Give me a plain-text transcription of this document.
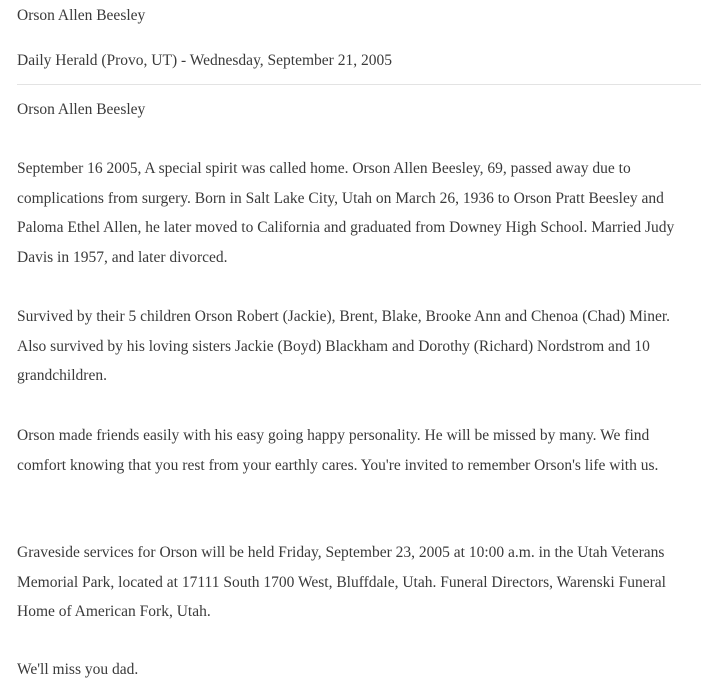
Orson Allen Beesley
Daily Herald (Provo, UT) - Wednesday, September 21, 2005
Orson Allen Beesley

September 16 2005, A special spirit was called home. Orson Allen Beesley, 69, passed away due to complications from surgery. Born in Salt Lake City, Utah on March 26, 1936 to Orson Pratt Beesley and Paloma Ethel Allen, he later moved to California and graduated from Downey High School. Married Judy Davis in 1957, and later divorced.

Survived by their 5 children Orson Robert (Jackie), Brent, Blake, Brooke Ann and Chenoa (Chad) Miner. Also survived by his loving sisters Jackie (Boyd) Blackham and Dorothy (Richard) Nordstrom and 10 grandchildren.

Orson made friends easily with his easy going happy personality. He will be missed by many. We find comfort knowing that you rest from your earthly cares. You're invited to remember Orson's life with us.

Graveside services for Orson will be held Friday, September 23, 2005 at 10:00 a.m. in the Utah Veterans Memorial Park, located at 17111 South 1700 West, Bluffdale, Utah. Funeral Directors, Warenski Funeral Home of American Fork, Utah.

We'll miss you dad.
